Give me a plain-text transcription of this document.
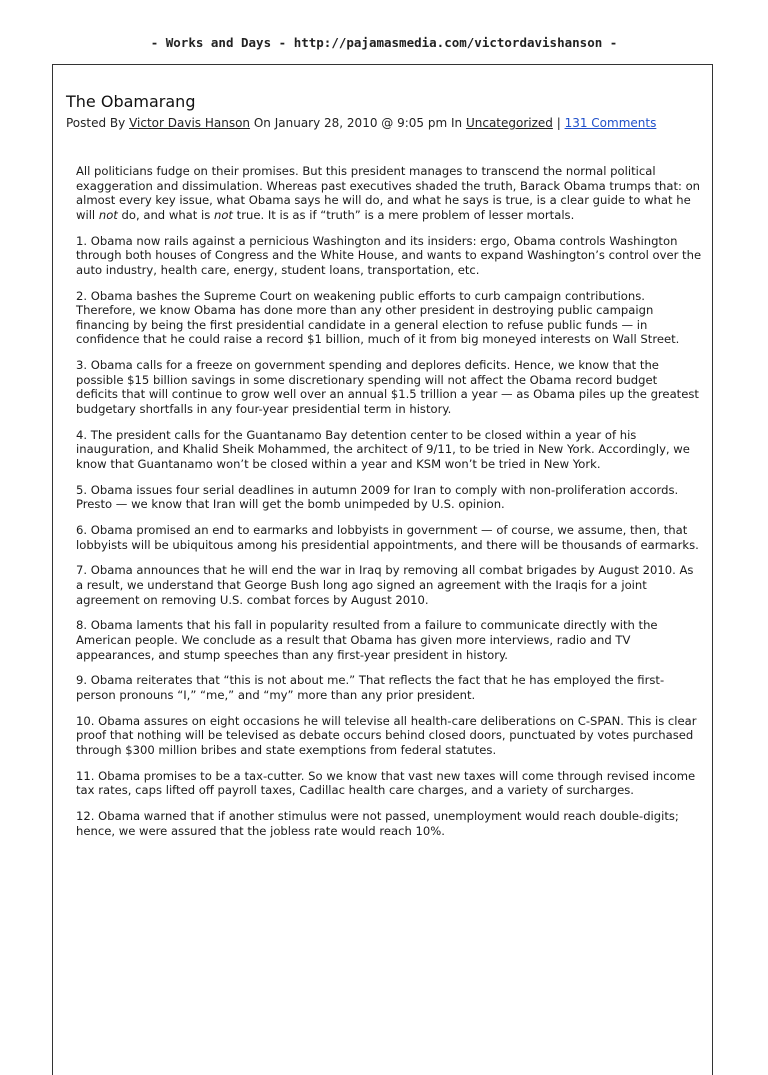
- Works and Days - http://pajamasmedia.com/victordavishanson -
The Obamarang
Posted By Victor Davis Hanson On January 28, 2010 @ 9:05 pm In Uncategorized | 131 Comments

All politicians fudge on their promises. But this president manages to transcend the normal political exaggeration and dissimulation. Whereas past executives shaded the truth, Barack Obama trumps that: on almost every key issue, what Obama says he will do, and what he says is true, is a clear guide to what he will not do, and what is not true. It is as if “truth” is a mere problem of lesser mortals.

1. Obama now rails against a pernicious Washington and its insiders: ergo, Obama controls Washington through both houses of Congress and the White House, and wants to expand Washington’s control over the auto industry, health care, energy, student loans, transportation, etc.

2. Obama bashes the Supreme Court on weakening public efforts to curb campaign contributions. Therefore, we know Obama has done more than any other president in destroying public campaign financing by being the first presidential candidate in a general election to refuse public funds — in confidence that he could raise a record $1 billion, much of it from big moneyed interests on Wall Street.

3. Obama calls for a freeze on government spending and deplores deficits. Hence, we know that the possible $15 billion savings in some discretionary spending will not affect the Obama record budget deficits that will continue to grow well over an annual $1.5 trillion a year — as Obama piles up the greatest budgetary shortfalls in any four-year presidential term in history.

4. The president calls for the Guantanamo Bay detention center to be closed within a year of his inauguration, and Khalid Sheik Mohammed, the architect of 9/11, to be tried in New York. Accordingly, we know that Guantanamo won’t be closed within a year and KSM won’t be tried in New York.

5. Obama issues four serial deadlines in autumn 2009 for Iran to comply with non-proliferation accords. Presto — we know that Iran will get the bomb unimpeded by U.S. opinion.

6. Obama promised an end to earmarks and lobbyists in government — of course, we assume, then, that lobbyists will be ubiquitous among his presidential appointments, and there will be thousands of earmarks.

7. Obama announces that he will end the war in Iraq by removing all combat brigades by August 2010. As a result, we understand that George Bush long ago signed an agreement with the Iraqis for a joint agreement on removing U.S. combat forces by August 2010.

8. Obama laments that his fall in popularity resulted from a failure to communicate directly with the American people. We conclude as a result that Obama has given more interviews, radio and TV appearances, and stump speeches than any first-year president in history.

9. Obama reiterates that “this is not about me.” That reflects the fact that he has employed the first-person pronouns “I,” “me,” and “my” more than any prior president.

10. Obama assures on eight occasions he will televise all health-care deliberations on C-SPAN. This is clear proof that nothing will be televised as debate occurs behind closed doors, punctuated by votes purchased through $300 million bribes and state exemptions from federal statutes.

11. Obama promises to be a tax-cutter. So we know that vast new taxes will come through revised income tax rates, caps lifted off payroll taxes, Cadillac health care charges, and a variety of surcharges.

12. Obama warned that if another stimulus were not passed, unemployment would reach double-digits; hence, we were assured that the jobless rate would reach 10%.
